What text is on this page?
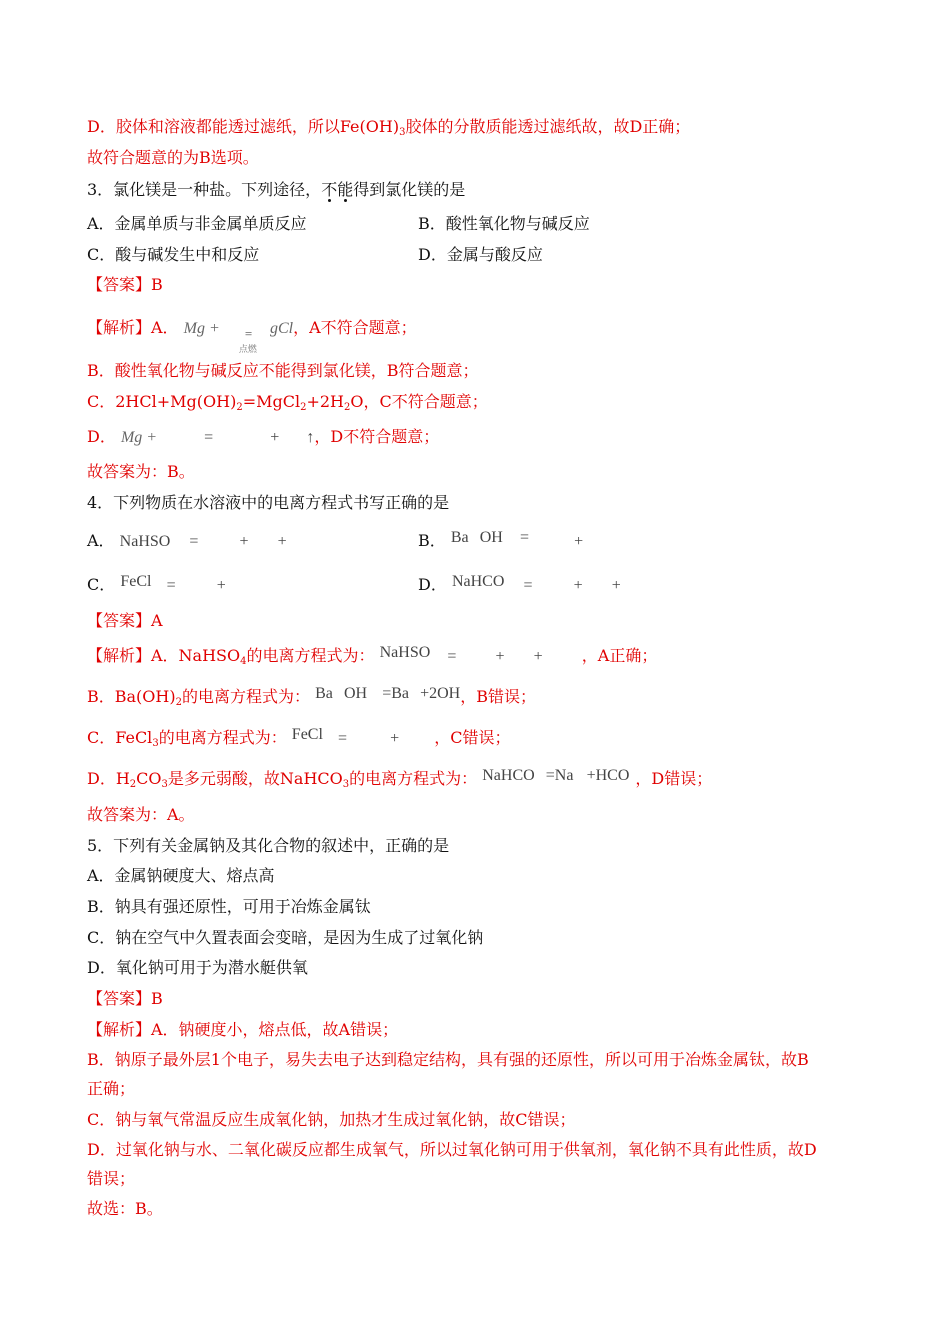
D．胶体和溶液都能透过滤纸，所以$Fe(OH)_3$胶体的分散质能透过滤纸故，故D正确；
故符合题意的为B选项。
3．氯化镁是一种盐。下列途径，不能得到氯化镁的是
A．金属单质与非金属单质反应	B．酸性氧化物与碱反应
C．酸与碱发生中和反应	D．金属与酸反应
【答案】B
【解析】A． Mg + =
点燃
gCl，A不符合题意；
B．酸性氧化物与碱反应不能得到氯化镁，B符合题意；
C．$2HCl+Mg(OH)_2=MgCl_2+2H_2O$，C不符合题意；
D． Mg +	=	+ ↑，D不符合题意；
故答案为：B。
4．下列物质在水溶液中的电离方程式书写正确的是
A． NaHSO =	+ +	B． Ba OH =	+
C． FeCl =	+	D． NaHCO =	+ +
【答案】A
【解析】A．NaHSO$_4$的电离方程式为： NaHSO = + + ，A正确；
B．$Ba(OH)_2$的电离方程式为： Ba OH =Ba +2OH，B错误；
C．FeCl$_3$的电离方程式为： FeCl =	+ ，C错误；
D．$H_2CO_3$是多元弱酸，故NaHCO$_3$的电离方程式为： NaHCO =Na +HCO ，D错误；
故答案为：A。
5．下列有关金属钠及其化合物的叙述中，正确的是
A．金属钠硬度大、熔点高
B．钠具有强还原性，可用于冶炼金属钛
C．钠在空气中久置表面会变暗，是因为生成了过氧化钠
D．氧化钠可用于为潜水艇供氧
【答案】B
【解析】A．钠硬度小，熔点低，故A错误；
B．钠原子最外层1个电子，易失去电子达到稳定结构，具有强的还原性，所以可用于冶炼金属钛，故B
正确；
C．钠与氧气常温反应生成氧化钠，加热才生成过氧化钠，故C错误；
D．过氧化钠与水、二氧化碳反应都生成氧气，所以过氧化钠可用于供氧剂，氧化钠不具有此性质，故D
错误；
故选：B。
